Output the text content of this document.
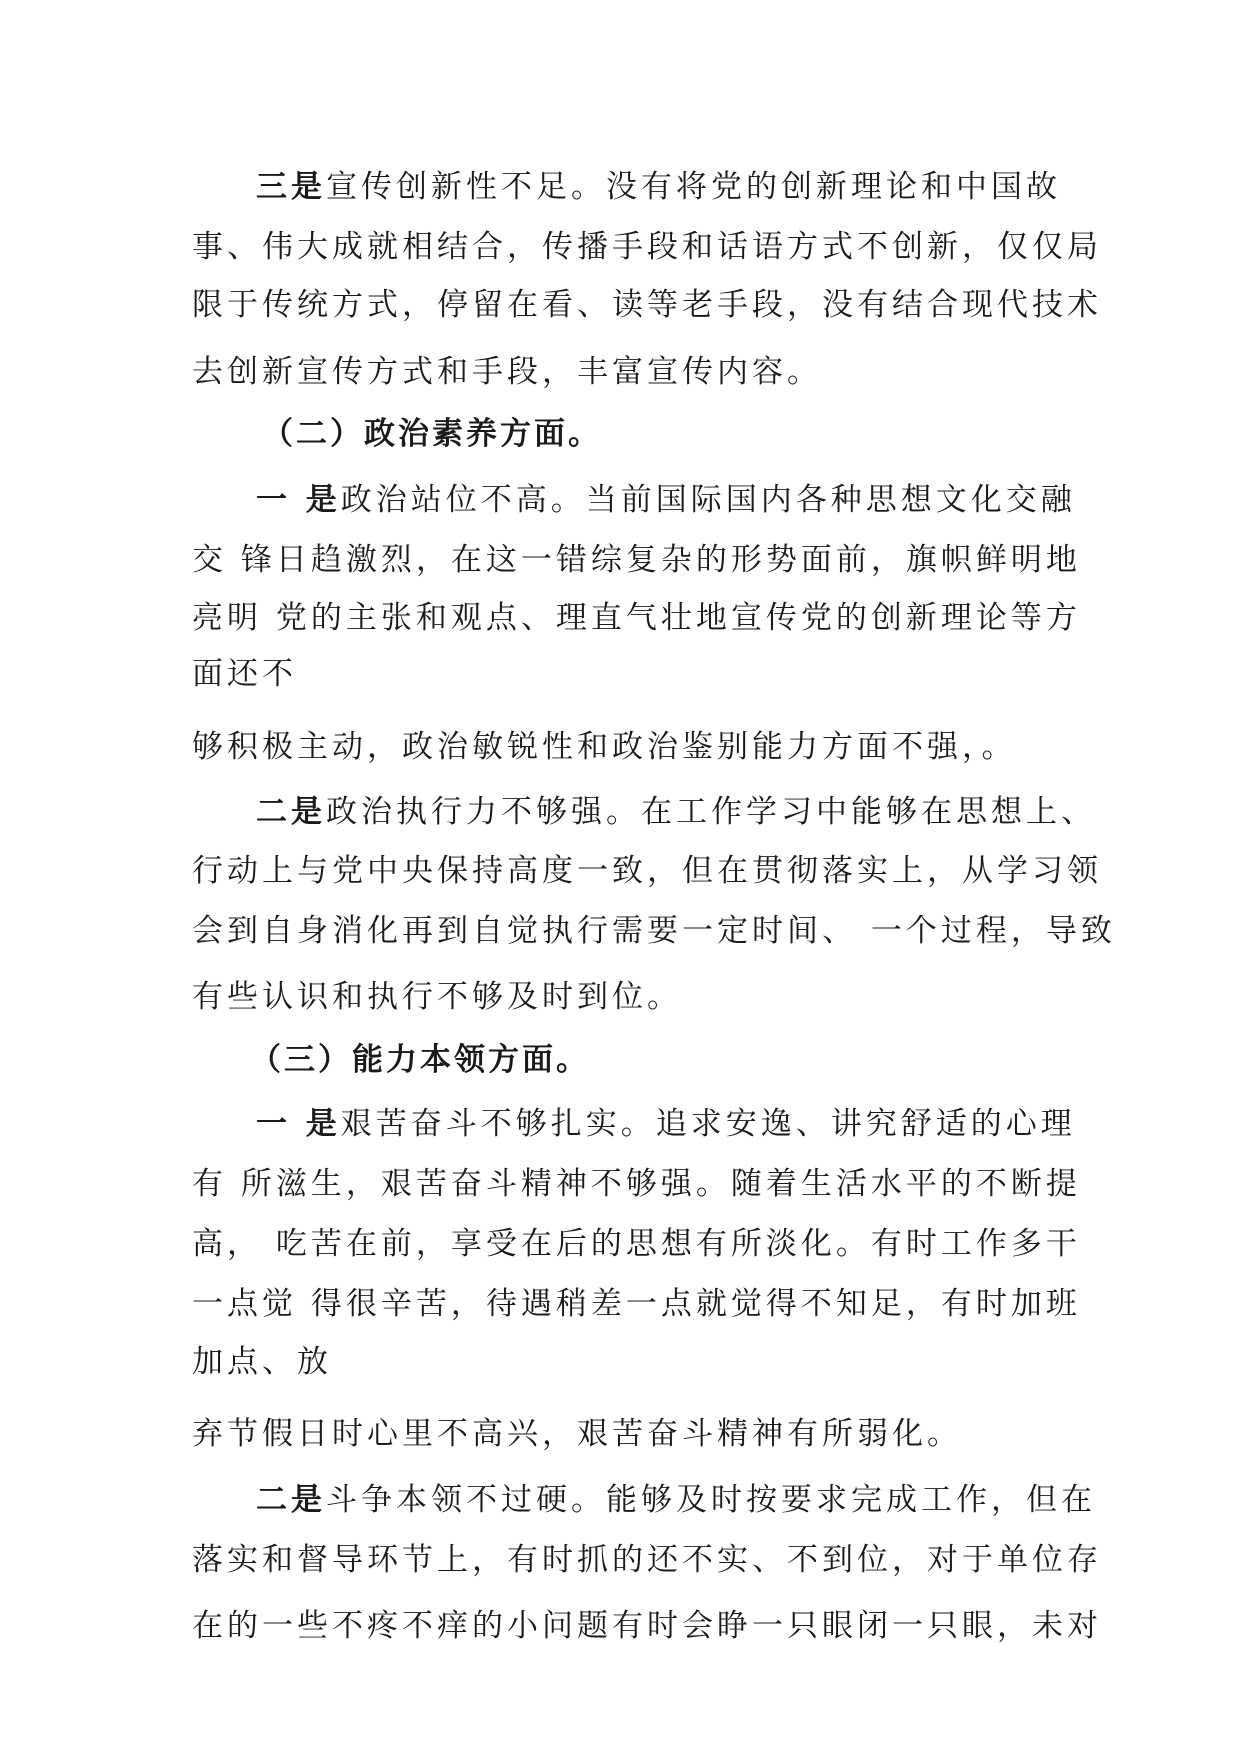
三是宣传创新性不足。没有将党的创新理论和中国故
事、伟大成就相结合，传播手段和话语方式不创新，仅仅局
限于传统方式，停留在看、读等老手段，没有结合现代技术
去创新宣传方式和手段，丰富宣传内容。
（二）政治素养方面。
一 是政治站位不高。当前国际国内各种思想文化交融
交 锋日趋激烈，在这一错综复杂的形势面前，旗帜鲜明地
亮明 党的主张和观点、理直气壮地宣传党的创新理论等方
面还不
够积极主动，政治敏锐性和政治鉴别能力方面不强，。
二是政治执行力不够强。在工作学习中能够在思想上、
行动上与党中央保持高度一致，但在贯彻落实上，从学习领
会到自身消化再到自觉执行需要一定时间、 一个过程，导致
有些认识和执行不够及时到位。
（三）能力本领方面。
一 是艰苦奋斗不够扎实。追求安逸、讲究舒适的心理
有 所滋生，艰苦奋斗精神不够强。随着生活水平的不断提
高， 吃苦在前，享受在后的思想有所淡化。有时工作多干
一点觉 得很辛苦，待遇稍差一点就觉得不知足，有时加班
加点、放
弃节假日时心里不高兴，艰苦奋斗精神有所弱化。
二是斗争本领不过硬。能够及时按要求完成工作，但在
落实和督导环节上，有时抓的还不实、不到位，对于单位存
在的一些不疼不痒的小问题有时会睁一只眼闭一只眼，未对
